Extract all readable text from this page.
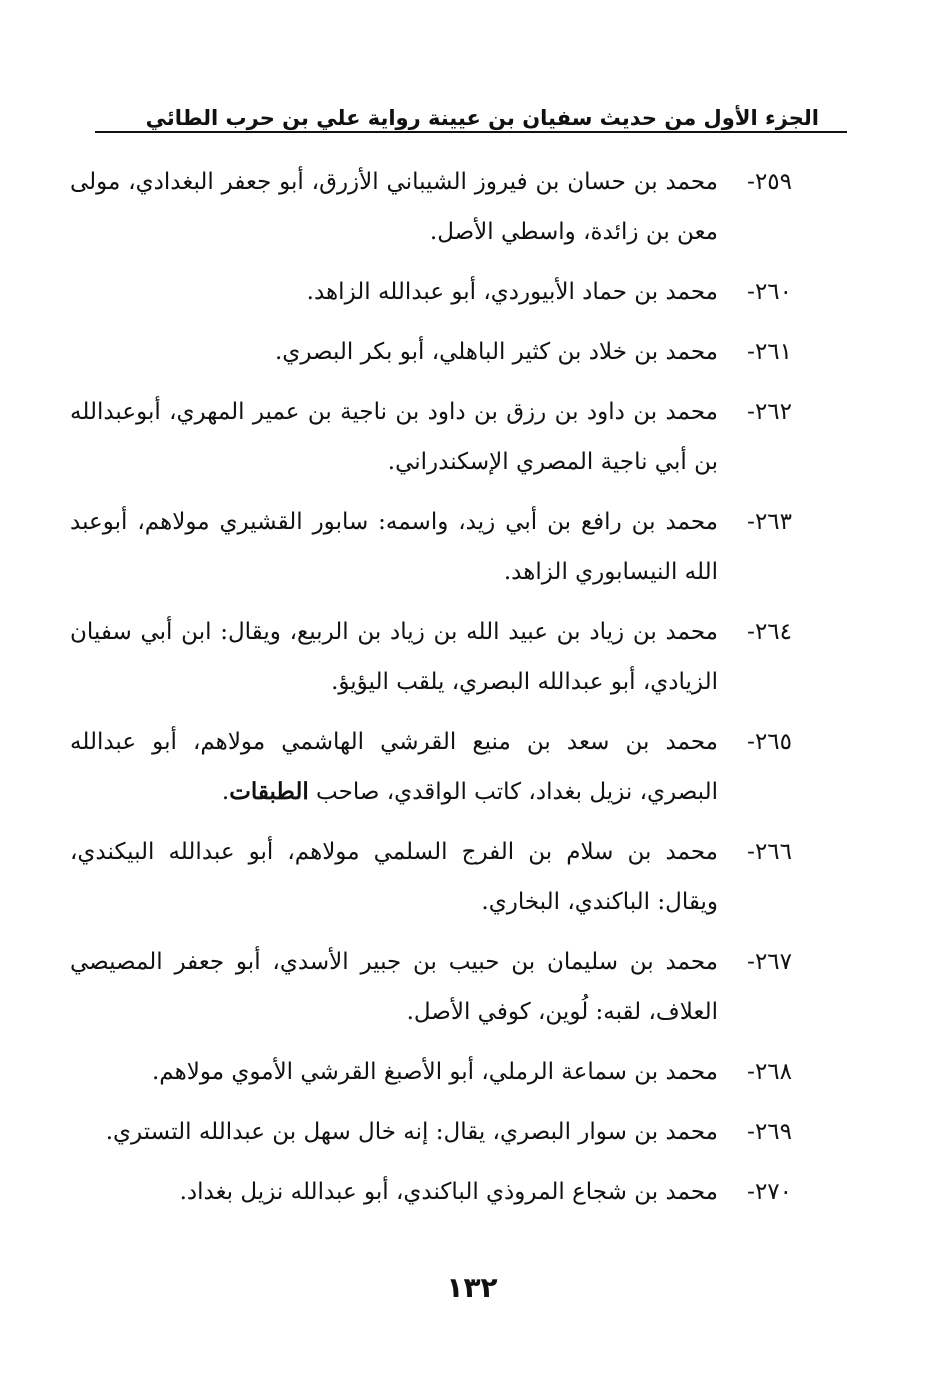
الجزء الأول من حديث سفيان بن عيينة رواية علي بن حرب الطائي
٢٥٩-
محمد بن حسان بن فيروز الشيباني الأزرق، أبو جعفر البغدادي، مولى معن بن زائدة، واسطي الأصل.
٢٦٠-
محمد بن حماد الأبيوردي، أبو عبدالله الزاهد.
٢٦١-
محمد بن خلاد بن كثير الباهلي، أبو بكر البصري.
٢٦٢-
محمد بن داود بن رزق بن داود بن ناجية بن عمير المهري، أبوعبدالله بن أبي ناجية المصري الإسكندراني.
٢٦٣-
محمد بن رافع بن أبي زيد، واسمه: سابور القشيري مولاهم، أبوعبد الله النيسابوري الزاهد.
٢٦٤-
محمد بن زياد بن عبيد الله بن زياد بن الربيع، ويقال: ابن أبي سفيان الزيادي، أبو عبدالله البصري، يلقب اليؤيؤ.
٢٦٥-
محمد بن سعد بن منيع القرشي الهاشمي مولاهم، أبو عبدالله البصري، نزيل بغداد، كاتب الواقدي، صاحب الطبقات.
٢٦٦-
محمد بن سلام بن الفرج السلمي مولاهم، أبو عبدالله البيكندي، ويقال: الباكندي، البخاري.
٢٦٧-
محمد بن سليمان بن حبيب بن جبير الأسدي، أبو جعفر المصيصي العلاف، لقبه: لُوين، كوفي الأصل.
٢٦٨-
محمد بن سماعة الرملي، أبو الأصبغ القرشي الأموي مولاهم.
٢٦٩-
محمد بن سوار البصري، يقال: إنه خال سهل بن عبدالله التستري.
٢٧٠-
محمد بن شجاع المروذي الباكندي، أبو عبدالله نزيل بغداد.
١٣٢
